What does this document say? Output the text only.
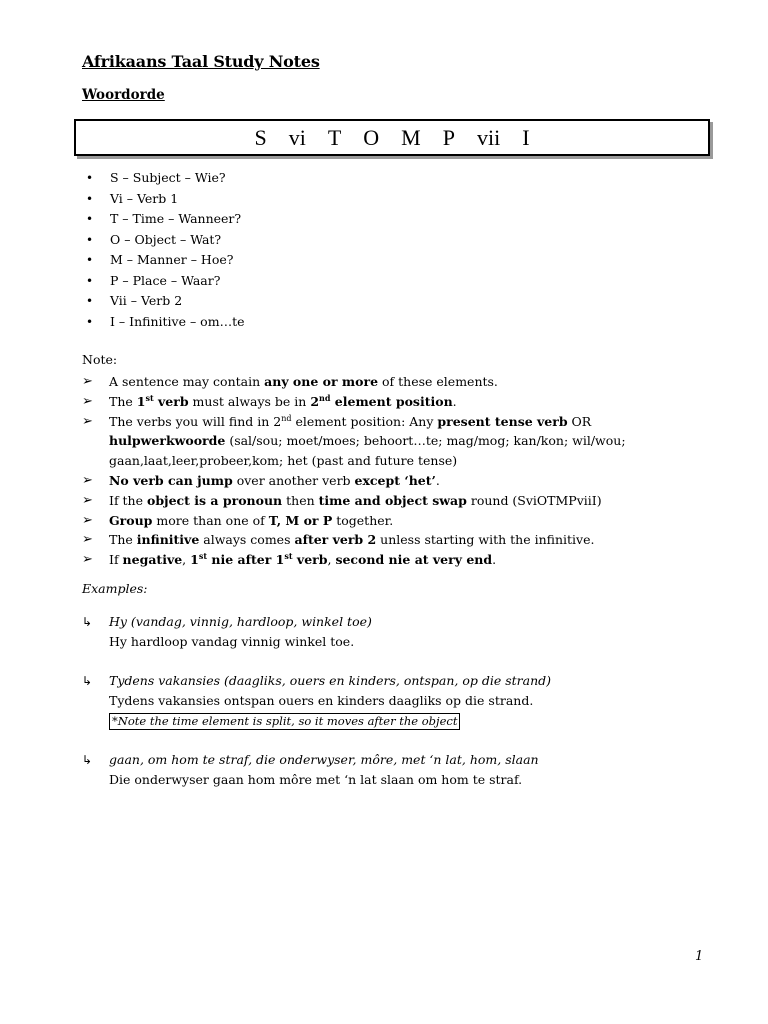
Afrikaans Taal Study Notes
Woordorde
S vi T O M P vii I
• S – Subject – Wie?
• Vi – Verb 1
• T – Time – Wanneer?
• O – Object – Wat?
• M – Manner – Hoe?
• P – Place – Waar?
• Vii – Verb 2
• I – Infinitive – om…te
Note:
➢ A sentence may contain any one or more of these elements.
➢ The 1st verb must always be in 2nd element position.
➢ The verbs you will find in 2nd element position: Any present tense verb OR hulpwerkwoorde (sal/sou; moet/moes; behoort…te; mag/mog; kan/kon; wil/wou; gaan,laat,leer,probeer,kom; het (past and future tense)
➢ No verb can jump over another verb except ‘het’.
➢ If the object is a pronoun then time and object swap round (SviOTMPviiI)
➢ Group more than one of T, M or P together.
➢ The infinitive always comes after verb 2 unless starting with the infinitive.
➢ If negative, 1st nie after 1st verb, second nie at very end.
Examples:
↳ Hy (vandag, vinnig, hardloop, winkel toe)
Hy hardloop vandag vinnig winkel toe.
↳ Tydens vakansies (daagliks, ouers en kinders, ontspan, op die strand)
Tydens vakansies ontspan ouers en kinders daagliks op die strand.
*Note the time element is split, so it moves after the object
↳ gaan, om hom te straf, die onderwyser, môre, met ‘n lat, hom, slaan
Die onderwyser gaan hom môre met ‘n lat slaan om hom te straf.
1
